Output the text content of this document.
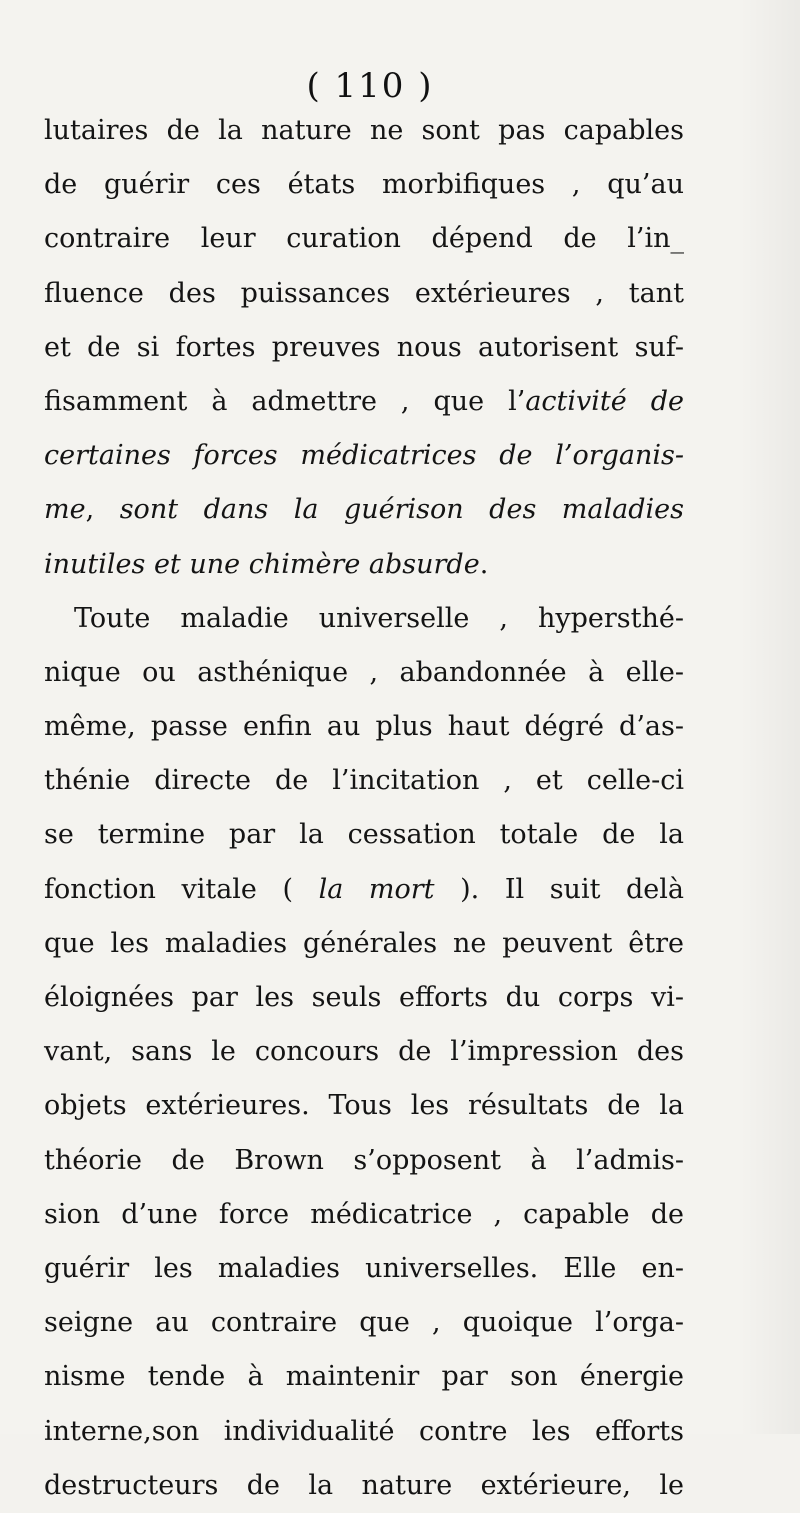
( 110 )
lutaires de la nature ne sont pas capables
de guérir ces états morbifiques , qu’au
contraire leur curation dépend de l’in_
fluence des puissances extérieures , tant
et de si fortes preuves nous autorisent suf-
fisamment à admettre , que l’activité de
certaines forces médicatrices de l’organis-
me, sont dans la guérison des maladies
inutiles et une chimère absurde.
Toute maladie universelle , hypersthé-
nique ou asthénique , abandonnée à elle-
même, passe enfin au plus haut dégré d’as-
thénie directe de l’incitation , et celle-ci
se termine par la cessation totale de la
fonction vitale ( la mort ). Il suit delà
que les maladies générales ne peuvent être
éloignées par les seuls efforts du corps vi-
vant, sans le concours de l’impression des
objets extérieures. Tous les résultats de la
théorie de Brown s’opposent à l’admis-
sion d’une force médicatrice , capable de
guérir les maladies universelles. Elle en-
seigne au contraire que , quoique l’orga-
nisme tende à maintenir par son énergie
interne,son individualité contre les efforts
destructeurs de la nature extérieure, le
